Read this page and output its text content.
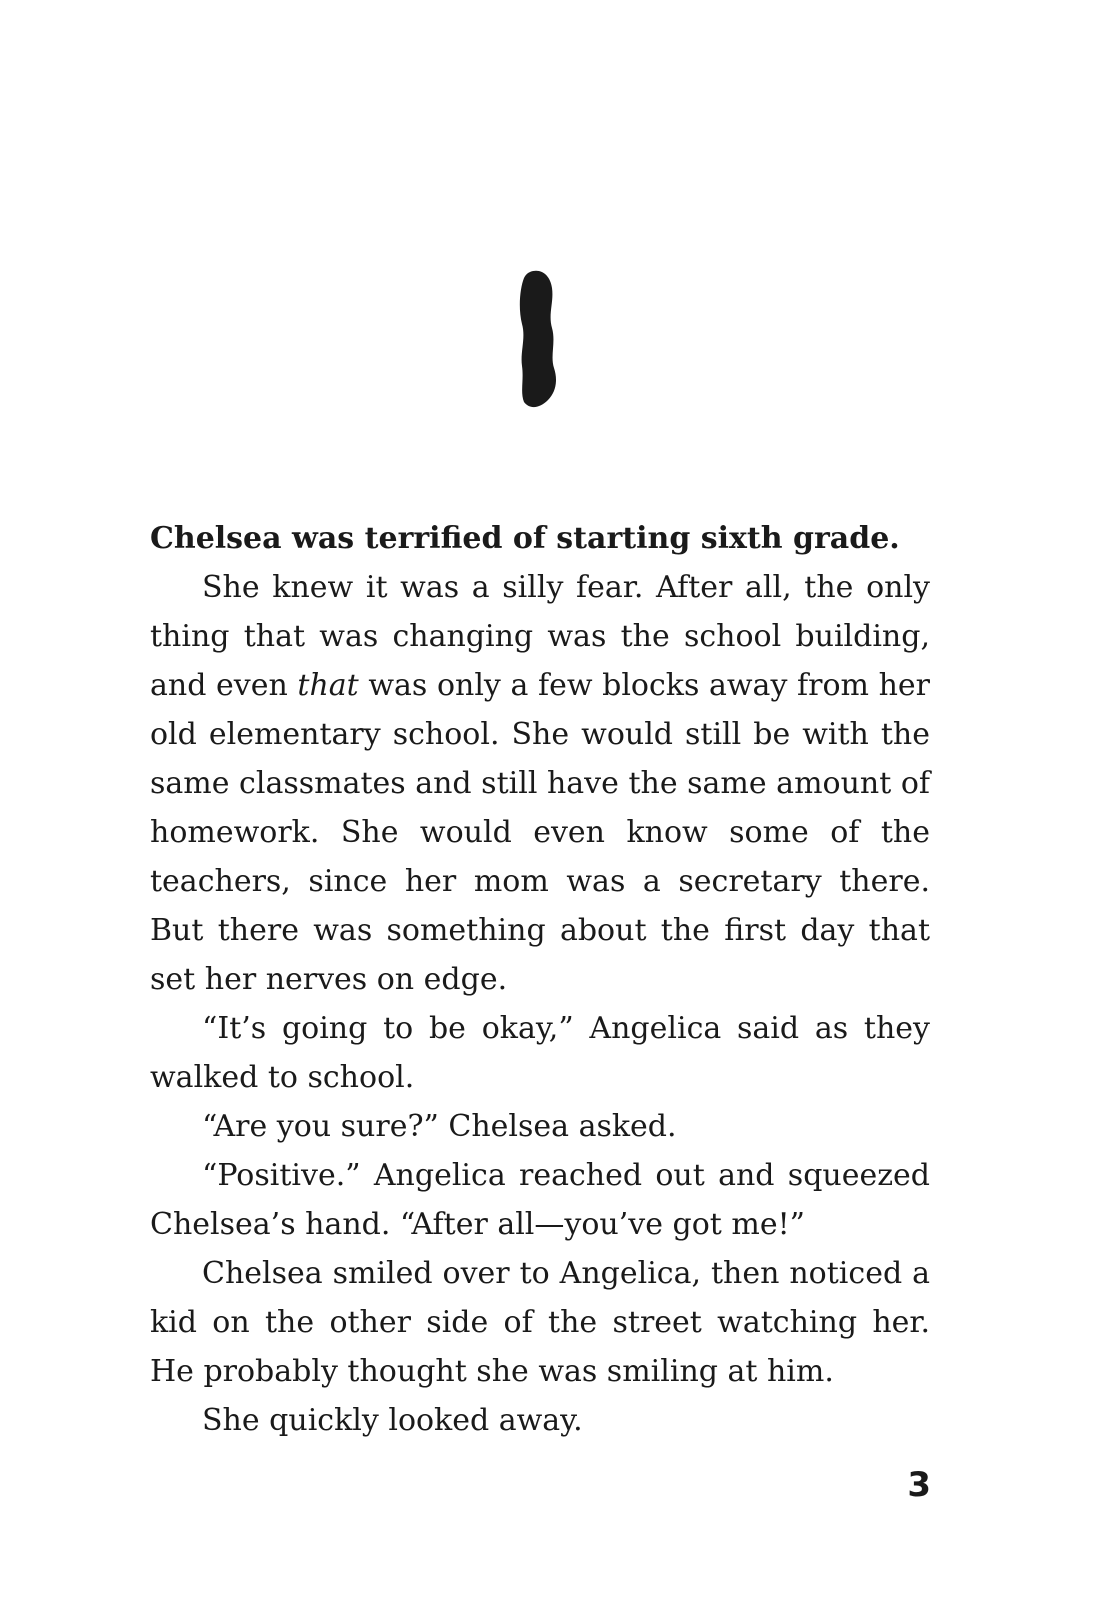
Chelsea was terrified of starting sixth grade.

She knew it was a silly fear. After all, the only thing that was changing was the school building, and even that was only a few blocks away from her old elementary school. She would still be with the same classmates and still have the same amount of homework. She would even know some of the teachers, since her mom was a secretary there. But there was something about the first day that set her nerves on edge.

“It’s going to be okay,” Angelica said as they walked to school.

“Are you sure?” Chelsea asked.

“Positive.” Angelica reached out and squeezed Chelsea’s hand. “After all—you’ve got me!”

Chelsea smiled over to Angelica, then noticed a kid on the other side of the street watching her. He probably thought she was smiling at him.

She quickly looked away.

3
